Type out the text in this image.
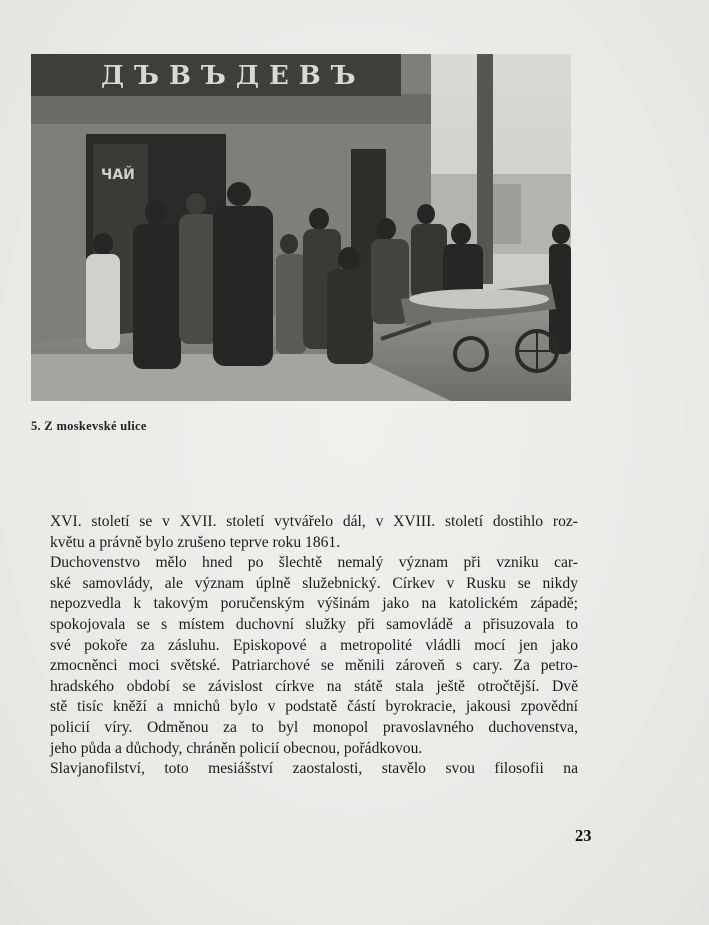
ДЪВЪДЕВЪ
ЧАЙ
5. Z moskevské ulice
XVI. století se v XVII. století vytvářelo dál, v XVIII. století dostihlo roz-
květu a právně bylo zrušeno teprve roku 1861.
Duchovenstvo mělo hned po šlechtě nemalý význam při vzniku car-
ské samovlády, ale význam úplně služebnický. Církev v Rusku se nikdy
nepozvedla k takovým poručenským výšinám jako na katolickém západě;
spokojovala se s místem duchovní služky při samovládě a přisuzovala to
své pokoře za zásluhu. Episkopové a metropolité vládli mocí jen jako
zmocněnci moci světské. Patriarchové se měnili zároveň s cary. Za petro-
hradského období se závislost církve na státě stala ještě otročtější. Dvě
stě tisíc kněží a mnichů bylo v podstatě částí byrokracie, jakousi zpovědní
policií víry. Odměnou za to byl monopol pravoslavného duchovenstva,
jeho půda a důchody, chráněn policií obecnou, pořádkovou.
Slavjanofilství, toto mesiášství zaostalosti, stavělo svou filosofii na
23
